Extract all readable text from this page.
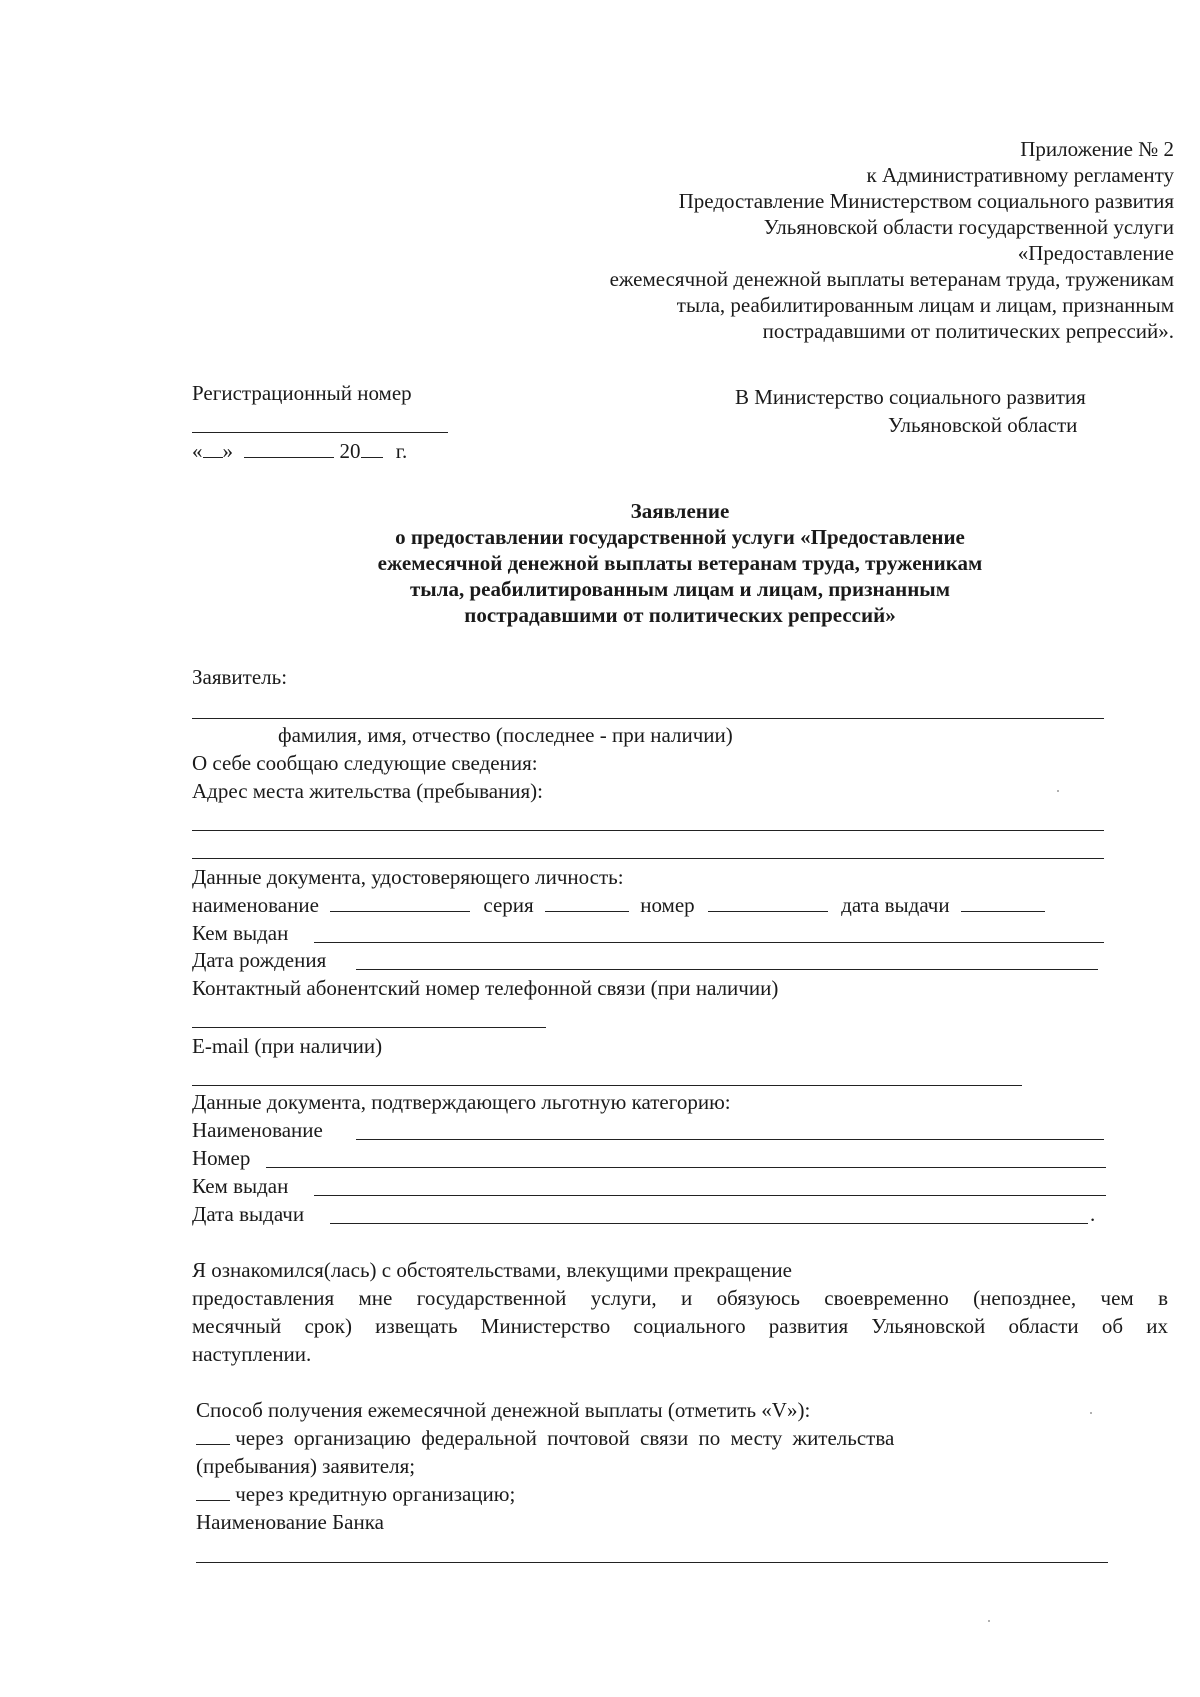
Приложение № 2
к Административному регламенту
Предоставление Министерством социального развития
Ульяновской области государственной услуги
«Предоставление
ежемесячной денежной выплаты ветеранам труда, труженикам
тыла, реабилитированным лицам и лицам, признанным
пострадавшими от политических репрессий».
Регистрационный номер
« »	20 г.
В Министерство социального развития
Ульяновской области
Заявление
о предоставлении государственной услуги «Предоставление
ежемесячной денежной выплаты ветеранам труда, труженикам
тыла, реабилитированным лицам и лицам, признанным
пострадавшими от политических репрессий»
Заявитель:
фамилия, имя, отчество (последнее - при наличии)
О себе сообщаю следующие сведения:
Адрес места жительства (пребывания):
Данные документа, удостоверяющего личность:
наименование	серия	номер	дата выдачи
Кем выдан
Дата рождения
Контактный абонентский номер телефонной связи (при наличии)
E-mail (при наличии)
Данные документа, подтверждающего льготную категорию:
Наименование
Номер
Кем выдан
Дата выдачи	.
Я ознакомился(лась) с обстоятельствами, влекущими прекращение
предоставления мне государственной услуги, и обязуюсь своевременно (непозднее, чем в
месячный срок) извещать Министерство социального развития Ульяновской области об их
наступлении.
Способ получения ежемесячной денежной выплаты (отметить «V»):
через организацию федеральной почтовой связи по месту жительства
(пребывания) заявителя;
через кредитную организацию;
Наименование Банка
